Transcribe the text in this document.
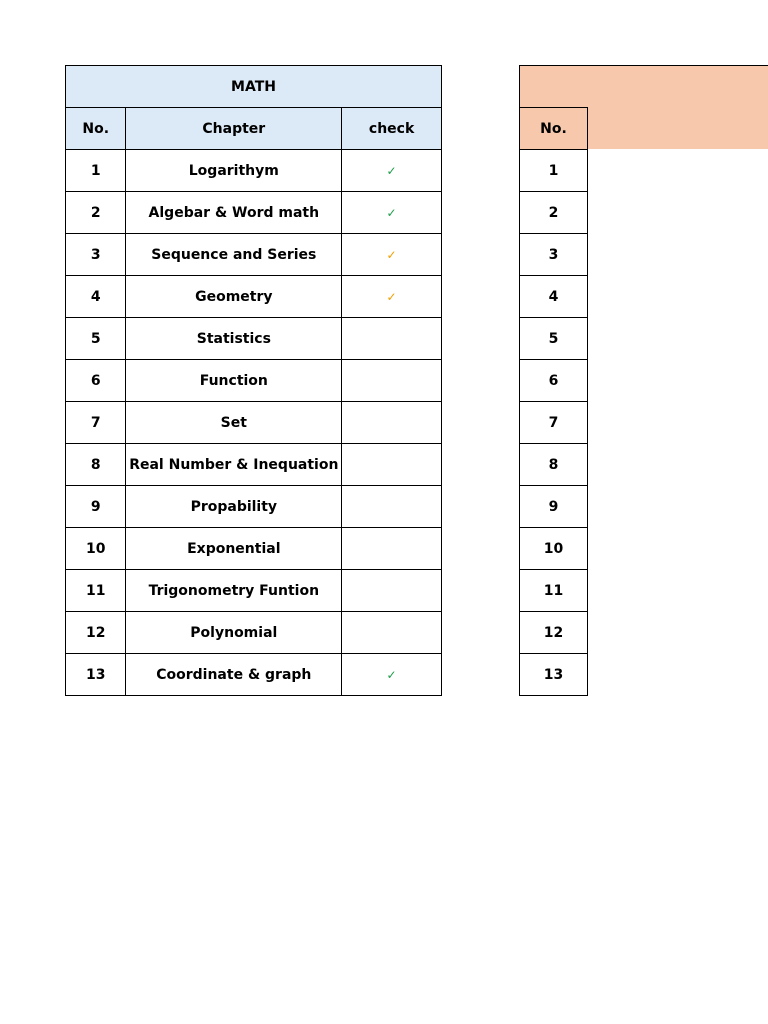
MATH		
No.	Chapter	check
1	Logarithym	✓
2	Algebar & Word math	✓
3	Sequence and Series	✓
4	Geometry	✓
5	Statistics	
6	Function	
7	Set	
8	Real Number & Inequation	
9	Propability	
10	Exponential	
11	Trigonometry Funtion	
12	Polynomial	
13	Coordinate & graph	✓
No.
1
2
3
4
5
6
7
8
9
10
11
12
13
